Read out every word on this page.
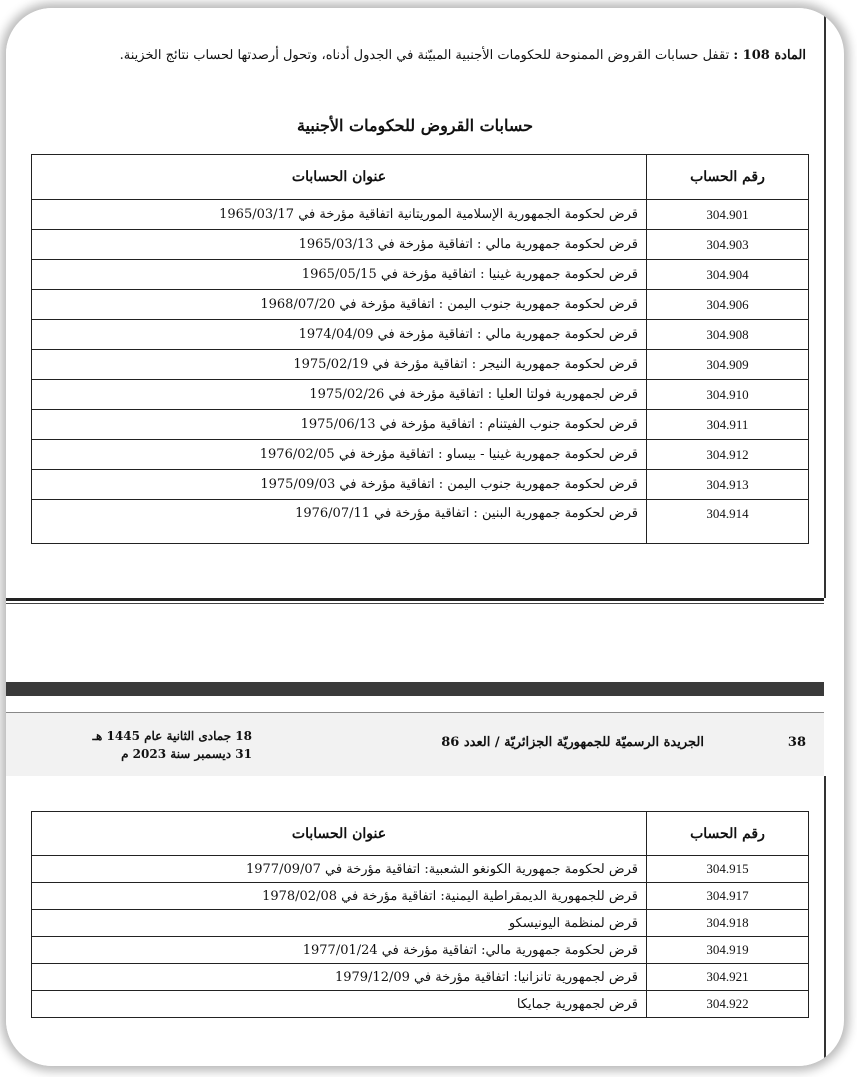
المادة 108 : تقفل حسابات القروض الممنوحة للحكومات الأجنبية المبيّنة في الجدول أدناه، وتحول أرصدتها لحساب نتائج الخزينة.
حسابات القروض للحكومات الأجنبية
رقم الحساب	عنوان الحسابات
304.901	قرض لحكومة الجمهورية الإسلامية الموريتانية اتفاقية مؤرخة في 1965/03/17
304.903	قرض لحكومة جمهورية مالي : اتفاقية مؤرخة في 1965/03/13
304.904	قرض لحكومة جمهورية غينيا : اتفاقية مؤرخة في 1965/05/15
304.906	قرض لحكومة جمهورية جنوب اليمن : اتفاقية مؤرخة في 1968/07/20
304.908	قرض لحكومة جمهورية مالي : اتفاقية مؤرخة في 1974/04/09
304.909	قرض لحكومة جمهورية النيجر : اتفاقية مؤرخة في 1975/02/19
304.910	قرض لجمهورية فولتا العليا : اتفاقية مؤرخة في 1975/02/26
304.911	قرض لحكومة جنوب الفيتنام : اتفاقية مؤرخة في 1975/06/13
304.912	قرض لحكومة جمهورية غينيا - بيساو : اتفاقية مؤرخة في 1976/02/05
304.913	قرض لحكومة جمهورية جنوب اليمن : اتفاقية مؤرخة في 1975/09/03
304.914	قرض لحكومة جمهورية البنين : اتفاقية مؤرخة في 1976/07/11
38
الجريدة الرسميّة للجمهوريّة الجزائريّة / العدد 86
18 جمادى الثانية عام 1445 هـ
31 ديسمبر سنة 2023 م
رقم الحساب	عنوان الحسابات
304.915	قرض لحكومة جمهورية الكونغو الشعبية: اتفاقية مؤرخة في 1977/09/07
304.917	قرض للجمهورية الديمقراطية اليمنية: اتفاقية مؤرخة في 1978/02/08
304.918	قرض لمنظمة اليونيسكو
304.919	قرض لحكومة جمهورية مالي: اتفاقية مؤرخة في 1977/01/24
304.921	قرض لجمهورية تانزانيا: اتفاقية مؤرخة في 1979/12/09
304.922	قرض لجمهورية جمايكا
